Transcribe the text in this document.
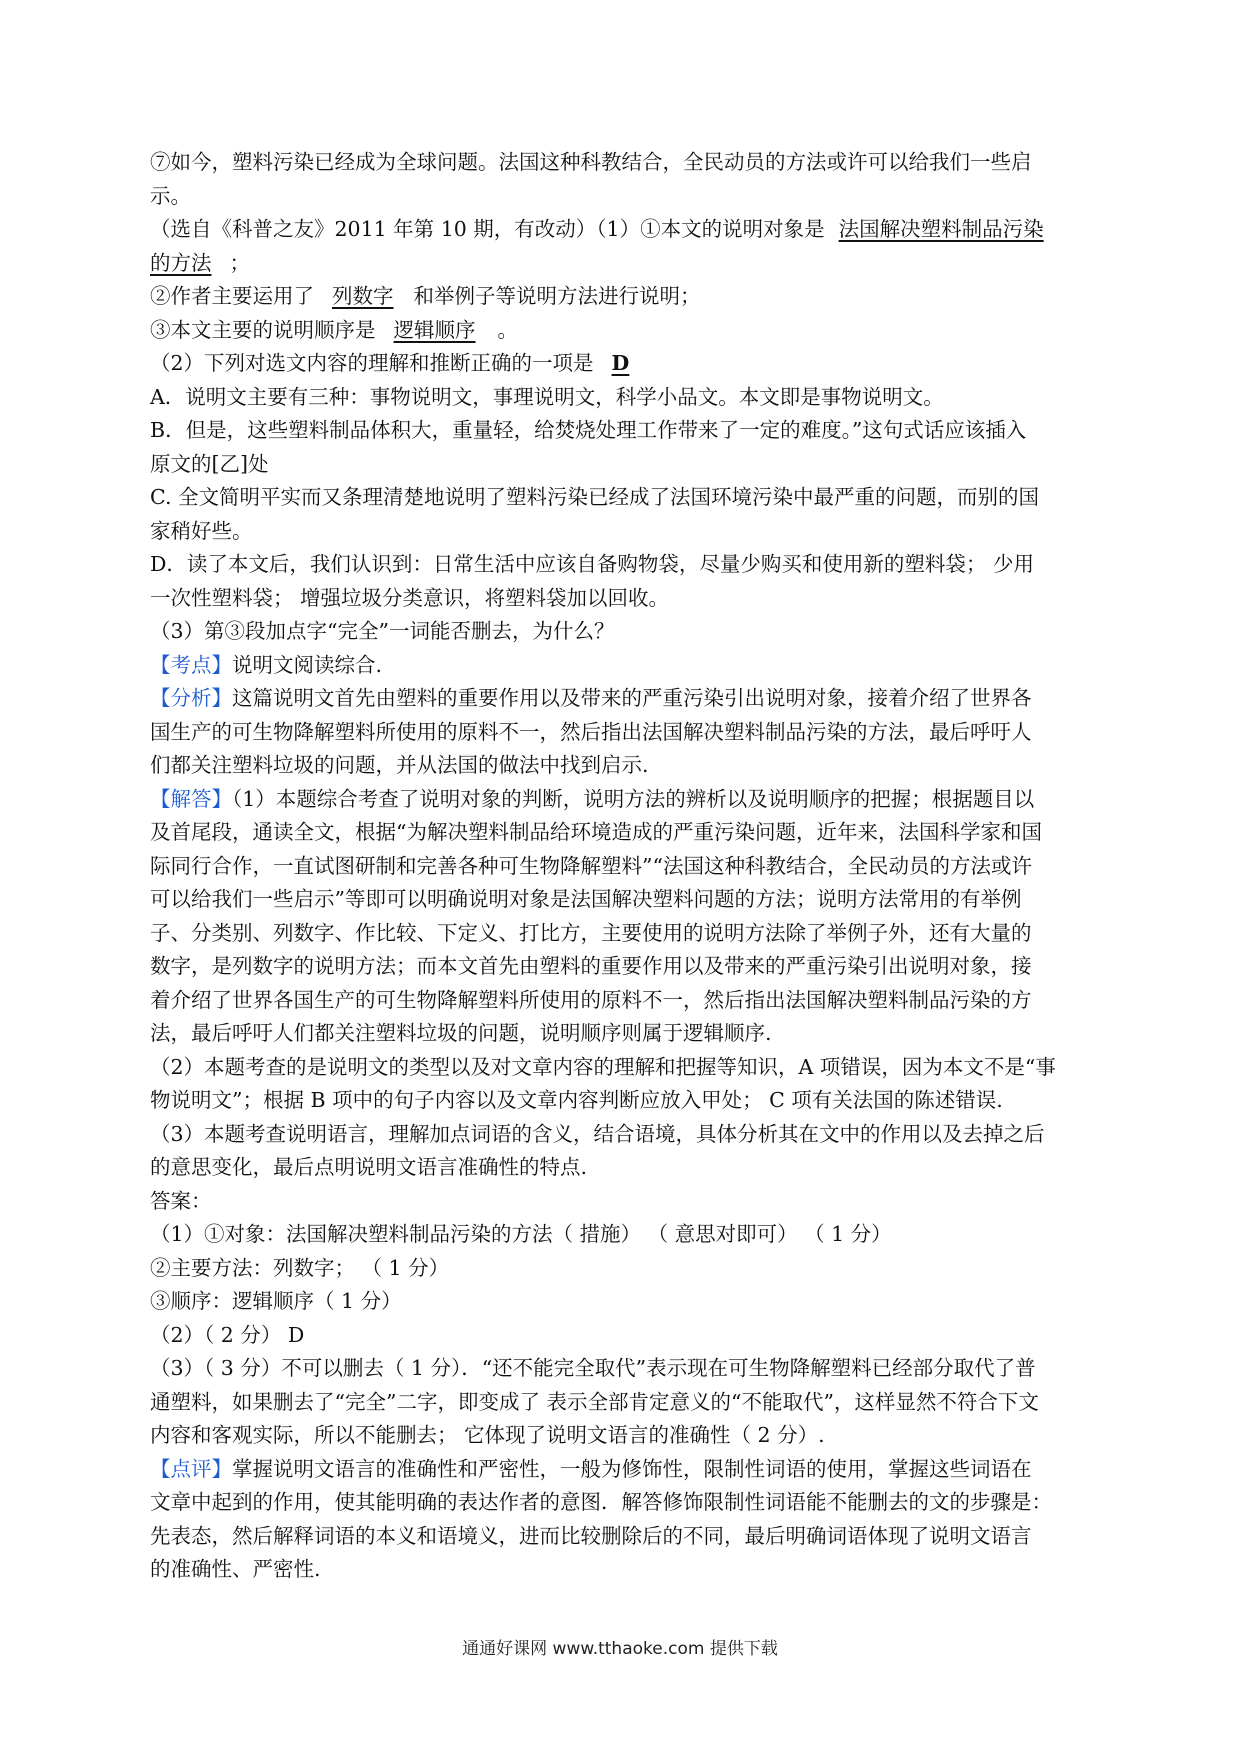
⑦如今，塑料污染已经成为全球问题。法国这种科教结合，全民动员的方法或许可以给我们一些启
示。
（选自《科普之友》2011 年第 10 期，有改动）（1）①本文的说明对象是 法国解决塑料制品污染
的方法 ；
②作者主要运用了 列数字 和举例子等说明方法进行说明；
③本文主要的说明顺序是 逻辑顺序 。
（2）下列对选文内容的理解和推断正确的一项是 D
A．说明文主要有三种：事物说明文，事理说明文，科学小品文。本文即是事物说明文。
B．但是，这些塑料制品体积大，重量轻，给焚烧处理工作带来了一定的难度。”这句式话应该插入
原文的[乙]处
C. 全文简明平实而又条理清楚地说明了塑料污染已经成了法国环境污染中最严重的问题，而别的国
家稍好些。
D．读了本文后，我们认识到：日常生活中应该自备购物袋，尽量少购买和使用新的塑料袋； 少用
一次性塑料袋； 增强垃圾分类意识，将塑料袋加以回收。
（3）第③段加点字“完全”一词能否删去，为什么？
【考点】说明文阅读综合.
【分析】这篇说明文首先由塑料的重要作用以及带来的严重污染引出说明对象，接着介绍了世界各
国生产的可生物降解塑料所使用的原料不一，然后指出法国解决塑料制品污染的方法，最后呼吁人
们都关注塑料垃圾的问题，并从法国的做法中找到启示.
【解答】（1）本题综合考查了说明对象的判断，说明方法的辨析以及说明顺序的把握；根据题目以
及首尾段，通读全文，根据“为解决塑料制品给环境造成的严重污染问题，近年来，法国科学家和国
际同行合作，一直试图研制和完善各种可生物降解塑料”“法国这种科教结合，全民动员的方法或许
可以给我们一些启示”等即可以明确说明对象是法国解决塑料问题的方法；说明方法常用的有举例
子、分类别、列数字、作比较、下定义、打比方，主要使用的说明方法除了举例子外，还有大量的
数字，是列数字的说明方法；而本文首先由塑料的重要作用以及带来的严重污染引出说明对象，接
着介绍了世界各国生产的可生物降解塑料所使用的原料不一，然后指出法国解决塑料制品污染的方
法，最后呼吁人们都关注塑料垃圾的问题，说明顺序则属于逻辑顺序.
（2）本题考查的是说明文的类型以及对文章内容的理解和把握等知识，A 项错误，因为本文不是“事
物说明文”；根据 B 项中的句子内容以及文章内容判断应放入甲处； C 项有关法国的陈述错误.
（3）本题考查说明语言，理解加点词语的含义，结合语境，具体分析其在文中的作用以及去掉之后
的意思变化，最后点明说明文语言准确性的特点.
答案：
（1）①对象：法国解决塑料制品污染的方法（ 措施） （ 意思对即可） （ 1 分）
②主要方法：列数字； （ 1 分）
③顺序：逻辑顺序（ 1 分）
（2）（ 2 分） D
（3）（ 3 分）不可以删去（ 1 分）．“还不能完全取代”表示现在可生物降解塑料已经部分取代了普
通塑料，如果删去了“完全”二字，即变成了 表示全部肯定意义的“不能取代”，这样显然不符合下文
内容和客观实际，所以不能删去； 它体现了说明文语言的准确性（ 2 分）.
【点评】掌握说明文语言的准确性和严密性，一般为修饰性，限制性词语的使用，掌握这些词语在
文章中起到的作用，使其能明确的表达作者的意图．解答修饰限制性词语能不能删去的文的步骤是：
先表态，然后解释词语的本义和语境义，进而比较删除后的不同，最后明确词语体现了说明文语言
的准确性、严密性.
通通好课网 www.tthaoke.com 提供下载
